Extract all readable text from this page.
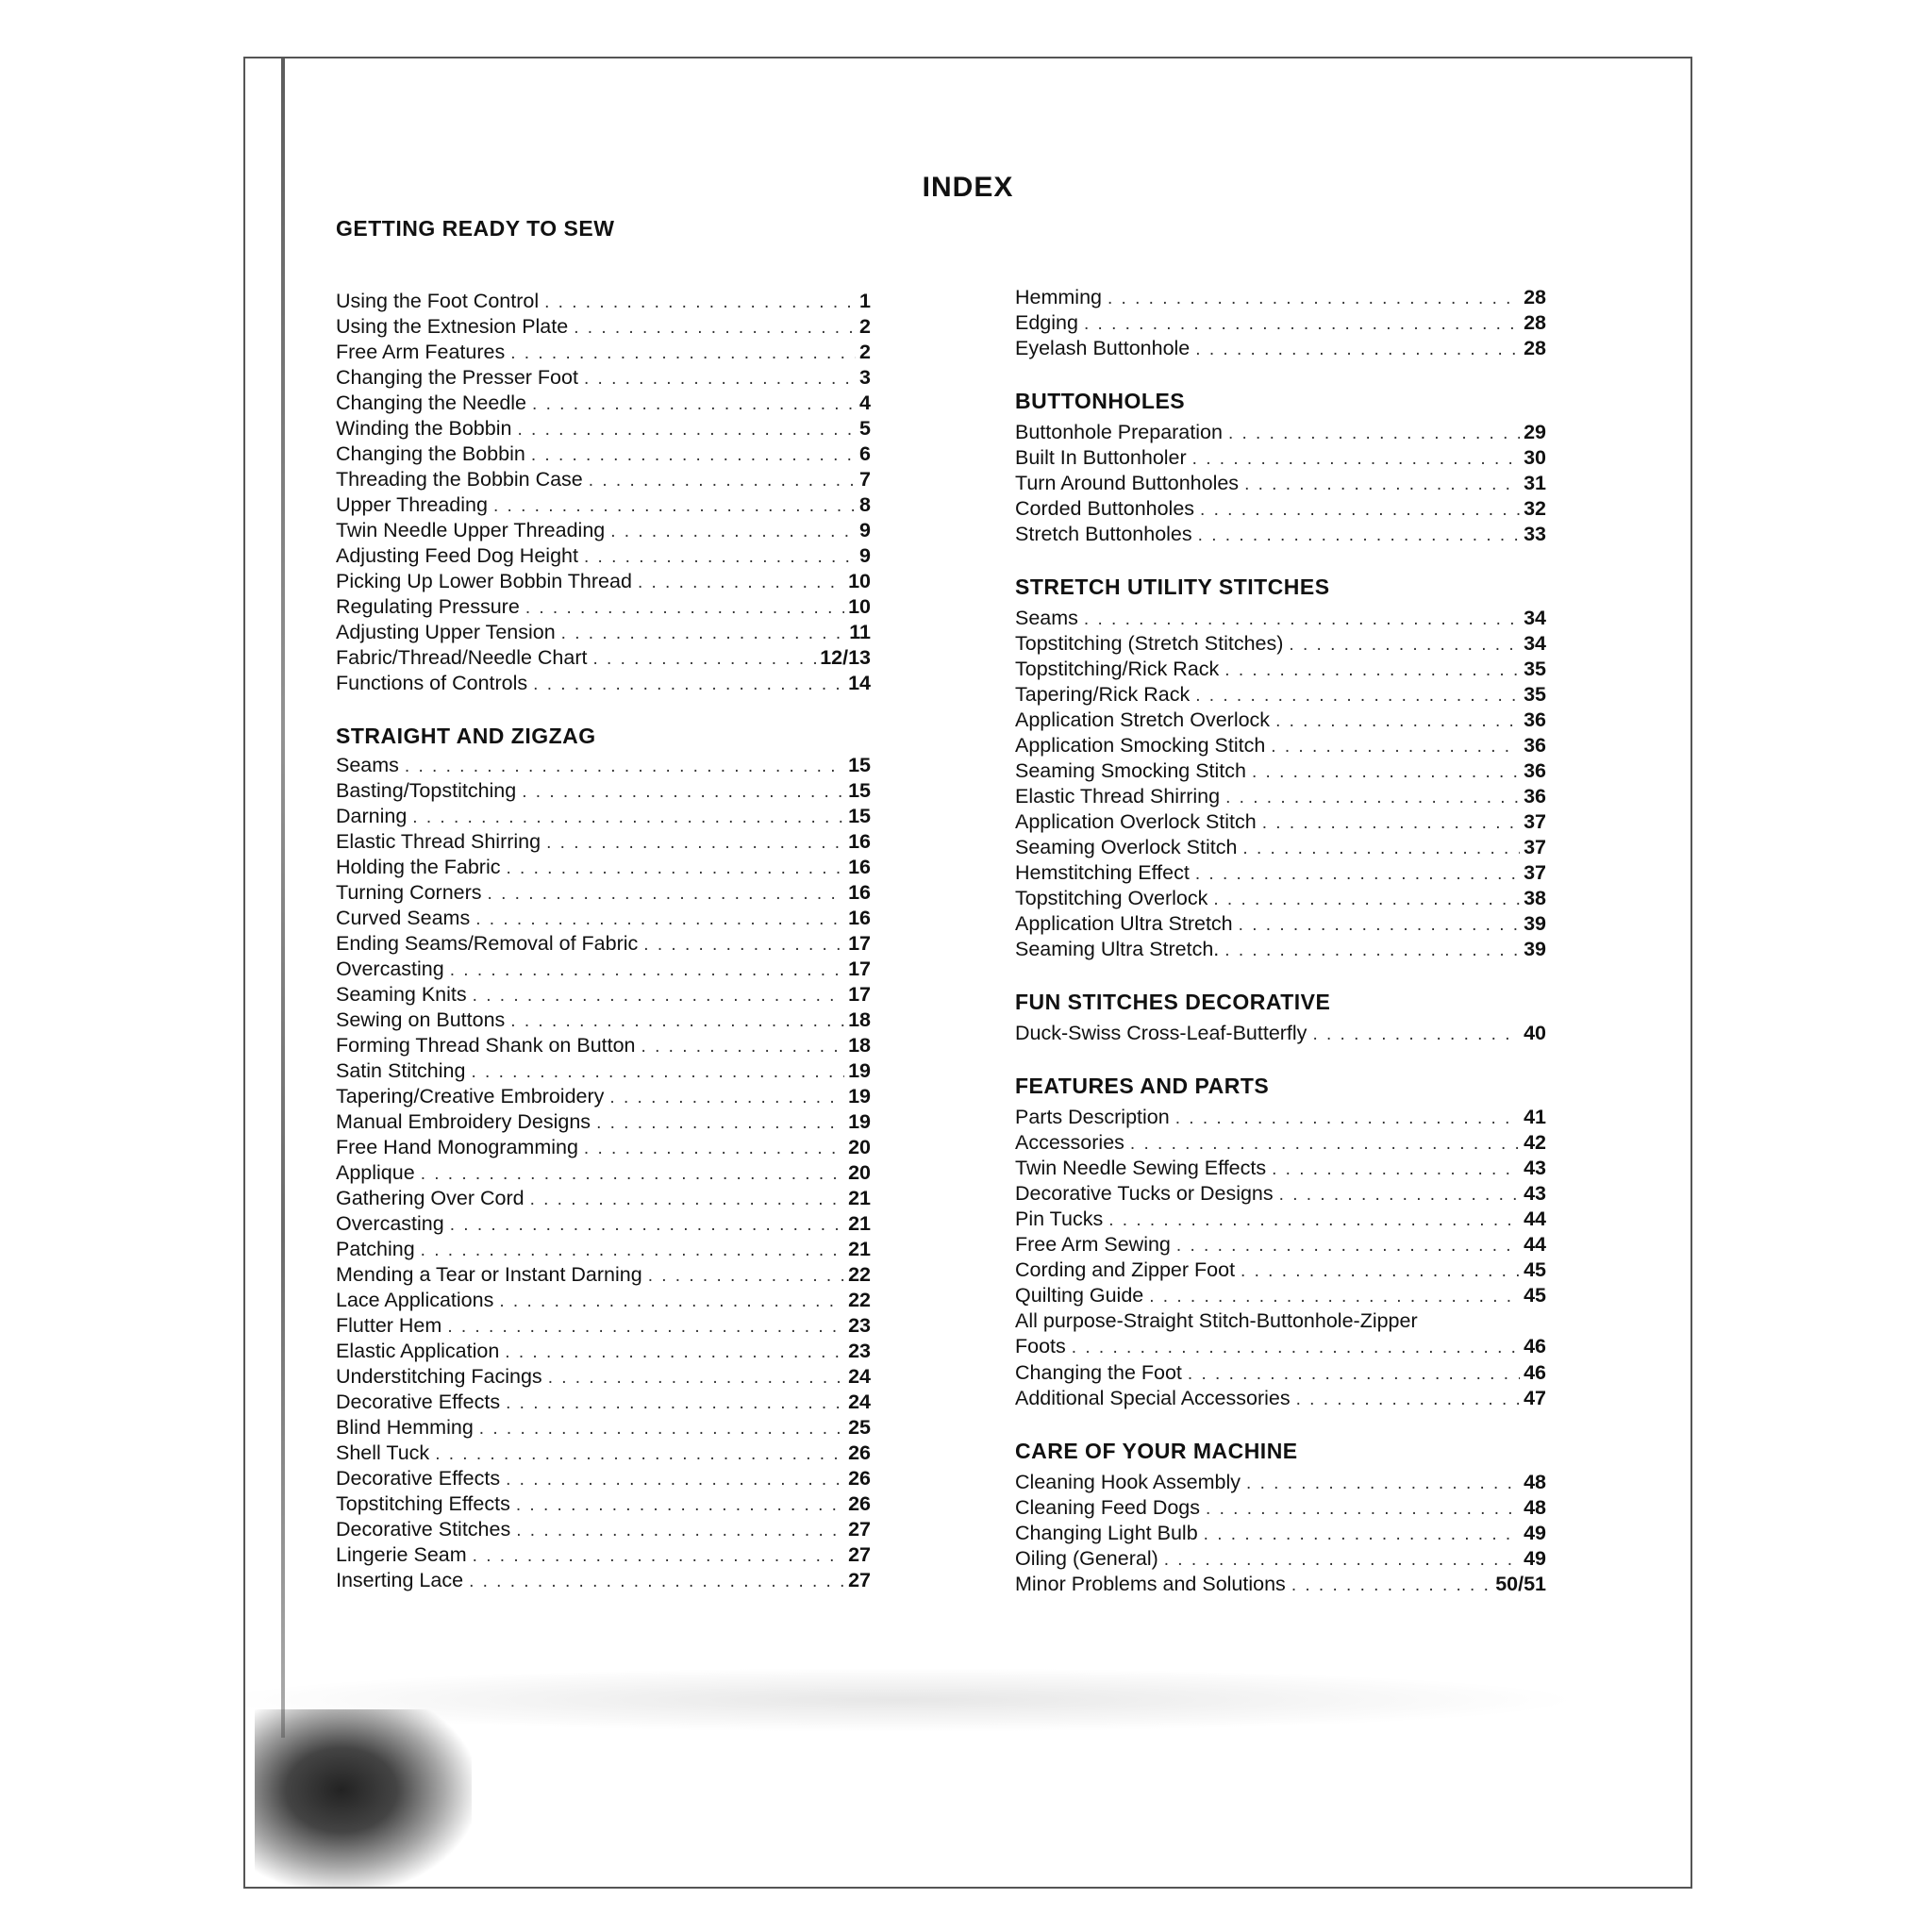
INDEX
GETTING READY TO SEW
Using the Foot Control . . .	1
Using the Extnesion Plate . . .	2
Free Arm Features . . .	2
Changing the Presser Foot . . .	3
Changing the Needle . . .	4
Winding the Bobbin . . .	5
Changing the Bobbin . . .	6
Threading the Bobbin Case . . .	7
Upper Threading . . .	8
Twin Needle Upper Threading . . .	9
Adjusting Feed Dog Height . . .	9
Picking Up Lower Bobbin Thread . . .	10
Regulating Pressure . . .	10
Adjusting Upper Tension . . .	11
Fabric/Thread/Needle Chart . . .	12/13
Functions of Controls . . .	14
STRAIGHT AND ZIGZAG
Seams . . .	15
Basting/Topstitching . . .	15
Darning . . .	15
Elastic Thread Shirring . . .	16
Holding the Fabric . . .	16
Turning Corners . . .	16
Curved Seams . . .	16
Ending Seams/Removal of Fabric . . .	17
Overcasting . . .	17
Seaming Knits . . .	17
Sewing on Buttons . . .	18
Forming Thread Shank on Button . . .	18
Satin Stitching . . .	19
Tapering/Creative Embroidery . . .	19
Manual Embroidery Designs . . .	19
Free Hand Monogramming . . .	20
Applique . . .	20
Gathering Over Cord . . .	21
Overcasting . . .	21
Patching . . .	21
Mending a Tear or Instant Darning . . .	22
Lace Applications . . .	22
Flutter Hem . . .	23
Elastic Application . . .	23
Understitching Facings . . .	24
Decorative Effects . . .	24
Blind Hemming . . .	25
Shell Tuck . . .	26
Decorative Effects . . .	26
Topstitching Effects . . .	26
Decorative Stitches . . .	27
Lingerie Seam . . .	27
Inserting Lace . . .	27
Hemming . . .	28
Edging . . .	28
Eyelash Buttonhole . . .	28
BUTTONHOLES
Buttonhole Preparation . . .	29
Built In Buttonholer . . .	30
Turn Around Buttonholes . . .	31
Corded Buttonholes . . .	32
Stretch Buttonholes . . .	33
STRETCH UTILITY STITCHES
Seams . . .	34
Topstitching (Stretch Stitches) . . .	34
Topstitching/Rick Rack . . .	35
Tapering/Rick Rack . . .	35
Application Stretch Overlock . . .	36
Application Smocking Stitch . . .	36
Seaming Smocking Stitch . . .	36
Elastic Thread Shirring . . .	36
Application Overlock Stitch . . .	37
Seaming Overlock Stitch . . .	37
Hemstitching Effect . . .	37
Topstitching Overlock . . .	38
Application Ultra Stretch . . .	39
Seaming Ultra Stretch. . . .	39
FUN STITCHES DECORATIVE
Duck-Swiss Cross-Leaf-Butterfly . . .	40
FEATURES AND PARTS
Parts Description . . .	41
Accessories . . .	42
Twin Needle Sewing Effects . . .	43
Decorative Tucks or Designs . . .	43
Pin Tucks . . .	44
Free Arm Sewing . . .	44
Cording and Zipper Foot . . .	45
Quilting Guide . . .	45
All purpose-Straight Stitch-Buttonhole-Zipper
Foots . . .	46
Changing the Foot . . .	46
Additional Special Accessories . . .	47
CARE OF YOUR MACHINE
Cleaning Hook Assembly . . .	48
Cleaning Feed Dogs . . .	48
Changing Light Bulb . . .	49
Oiling (General) . . .	49
Minor Problems and Solutions . . .	50/51
